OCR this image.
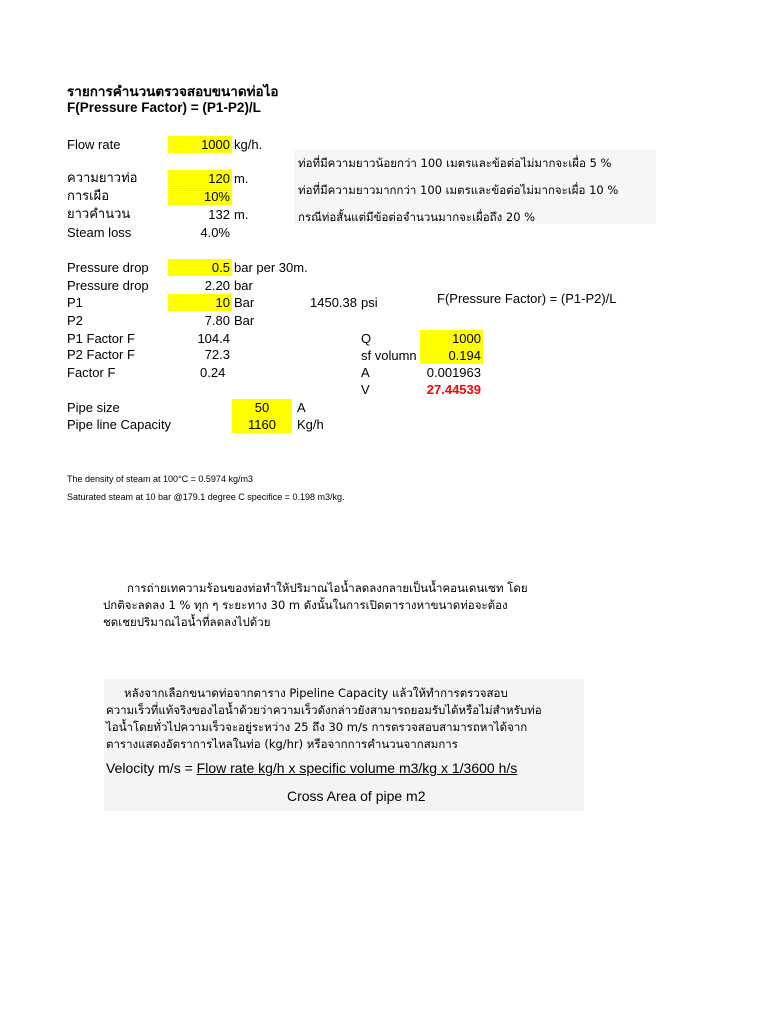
รายการคำนวนตรวจสอบขนาดท่อไอ
F(Pressure Factor) = (P1-P2)/L
Flow rate	1000 kg/h.
ความยาวท่อ	120 m.
การเผือ	10%
ยาวคำนวน	132 m.
Steam loss	4.0%
ท่อที่มีความยาวน้อยกว่า 100 เมตรและข้อต่อไม่มากจะเผื่อ 5 %
ท่อที่มีความยาวมากกว่า 100 เมตรและข้อต่อไม่มากจะเผื่อ 10 %
กรณีท่อสั้นแต่มีข้อต่อจำนวนมากจะเผื่อถึง 20 %
Pressure drop	0.5 bar per 30m.
Pressure drop	2.20 bar
P1	10 Bar	1450.38 psi	F(Pressure Factor) = (P1-P2)/L
P2	7.80 Bar
P1 Factor F	104.4
P2 Factor F	72.3
Factor F	0.24
Q	1000
sf volumn	0.194
A	0.001963
V	27.44539
Pipe size	50	A
Pipe line Capacity	1160	Kg/h
The density of steam at 100°C = 0.5974 kg/m3
Saturated steam at 10 bar @179.1 degree C specifice = 0.198 m3/kg.
การถ่ายเทความร้อนของท่อทำให้ปริมาณไอน้ำลดลงกลายเป็นน้ำคอนเดนเซท โดย
ปกติจะลดลง 1 % ทุก ๆ ระยะทาง 30 m ดังนั้นในการเปิดตารางหาขนาดท่อจะต้อง
ชดเชยปริมาณไอน้ำที่ลดลงไปด้วย
หลังจากเลือกขนาดท่อจากตาราง Pipeline Capacity แล้วให้ทำการตรวจสอบ
ความเร็วที่แท้จริงของไอน้ำด้วยว่าความเร็วดังกล่าวยังสามารถยอมรับได้หรือไม่สำหรับท่อ
ไอน้ำโดยทั่วไปความเร็วจะอยู่ระหว่าง 25 ถึง 30 m/s การตรวจสอบสามารถหาได้จาก
ตารางแสดงอัตราการไหลในท่อ (kg/hr) หรือจากการคำนวนจากสมการ
Velocity m/s = Flow rate kg/h x specific volume m3/kg x 1/3600 h/s
Cross Area of pipe m2
